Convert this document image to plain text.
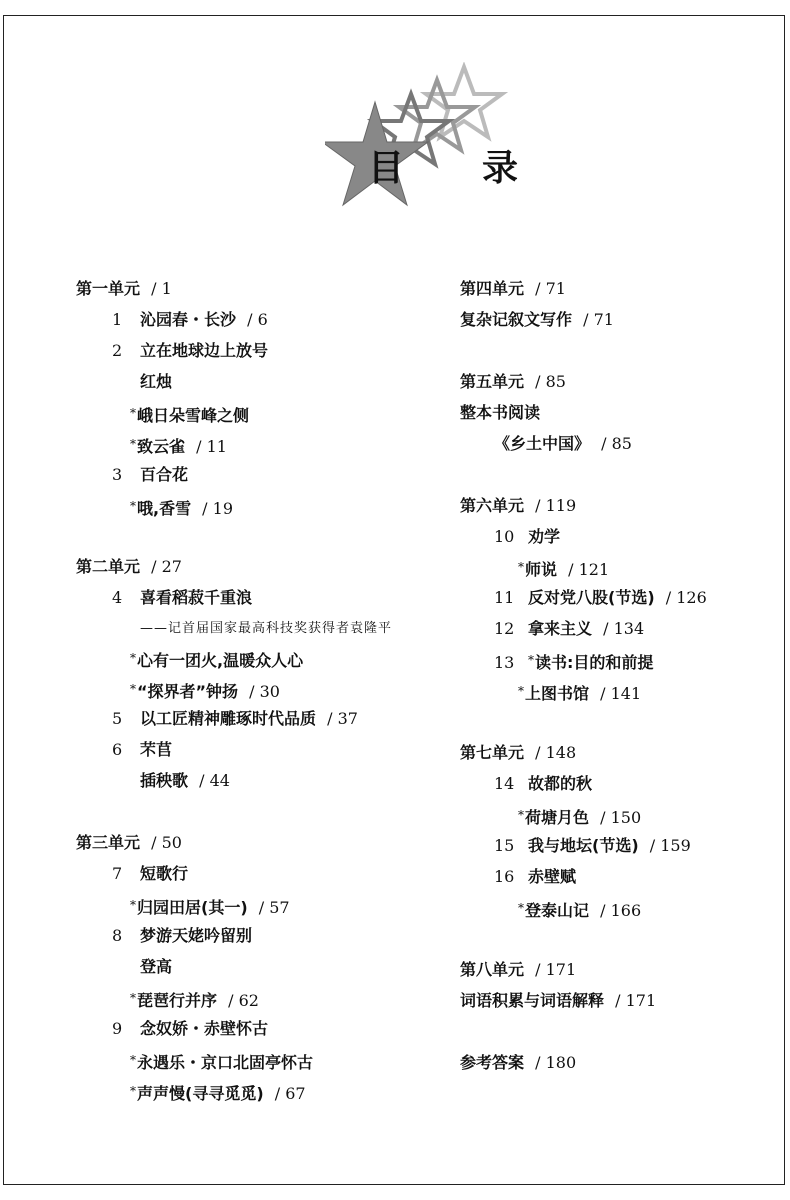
目 录
第一单元 / 1
1 沁园春・长沙 / 6
2 立在地球边上放号
红烛
*峨日朵雪峰之侧
*致云雀 / 11
3 百合花
*哦,香雪 / 19
第二单元 / 27
4 喜看稻菽千重浪
——记首届国家最高科技奖获得者袁隆平
*心有一团火,温暖众人心
*“探界者”钟扬 / 30
5 以工匠精神雕琢时代品质 / 37
6 芣苢
插秧歌 / 44
第三单元 / 50
7 短歌行
*归园田居(其一) / 57
8 梦游天姥吟留别
登高
*琵琶行并序 / 62
9 念奴娇・赤壁怀古
*永遇乐・京口北固亭怀古
*声声慢(寻寻觅觅) / 67
第四单元 / 71
复杂记叙文写作 / 71
第五单元 / 85
整本书阅读
《乡土中国》 / 85
第六单元 / 119
10 劝学
*师说 / 121
11 反对党八股(节选) / 126
12 拿来主义 / 134
13 *读书:目的和前提
*上图书馆 / 141
第七单元 / 148
14 故都的秋
*荷塘月色 / 150
15 我与地坛(节选) / 159
16 赤壁赋
*登泰山记 / 166
第八单元 / 171
词语积累与词语解释 / 171
参考答案 / 180
